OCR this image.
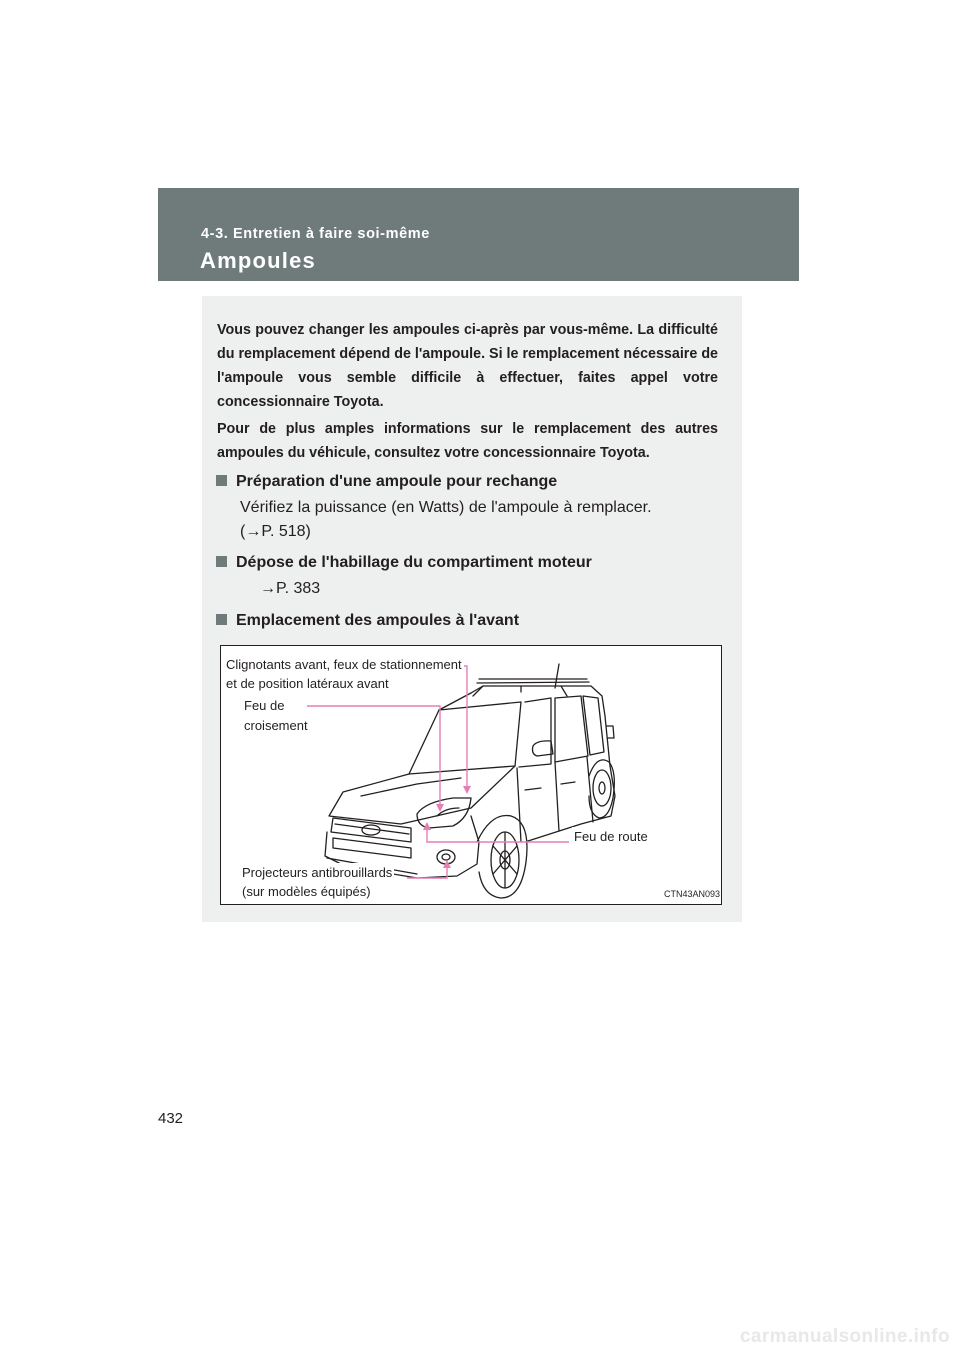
4-3. Entretien à faire soi-même
Ampoules

Vous pouvez changer les ampoules ci-après par vous-même. La difficulté du remplacement dépend de l'ampoule. Si le remplacement nécessaire de l'ampoule vous semble difficile à effectuer, faites appel votre concessionnaire Toyota.

Pour de plus amples informations sur le remplacement des autres ampoules du véhicule, consultez votre concessionnaire Toyota.

Préparation d'une ampoule pour rechange
Vérifiez la puissance (en Watts) de l'ampoule à remplacer.
(→P. 518)
Dépose de l'habillage du compartiment moteur
→P. 383
Emplacement des ampoules à l'avant
Clignotants avant, feux de stationnement
et de position latéraux avant
Feu de
croisement
Feu de route
Projecteurs antibrouillards
(sur modèles équipés)	CTN43AN093
432
carmanualsonline.info
